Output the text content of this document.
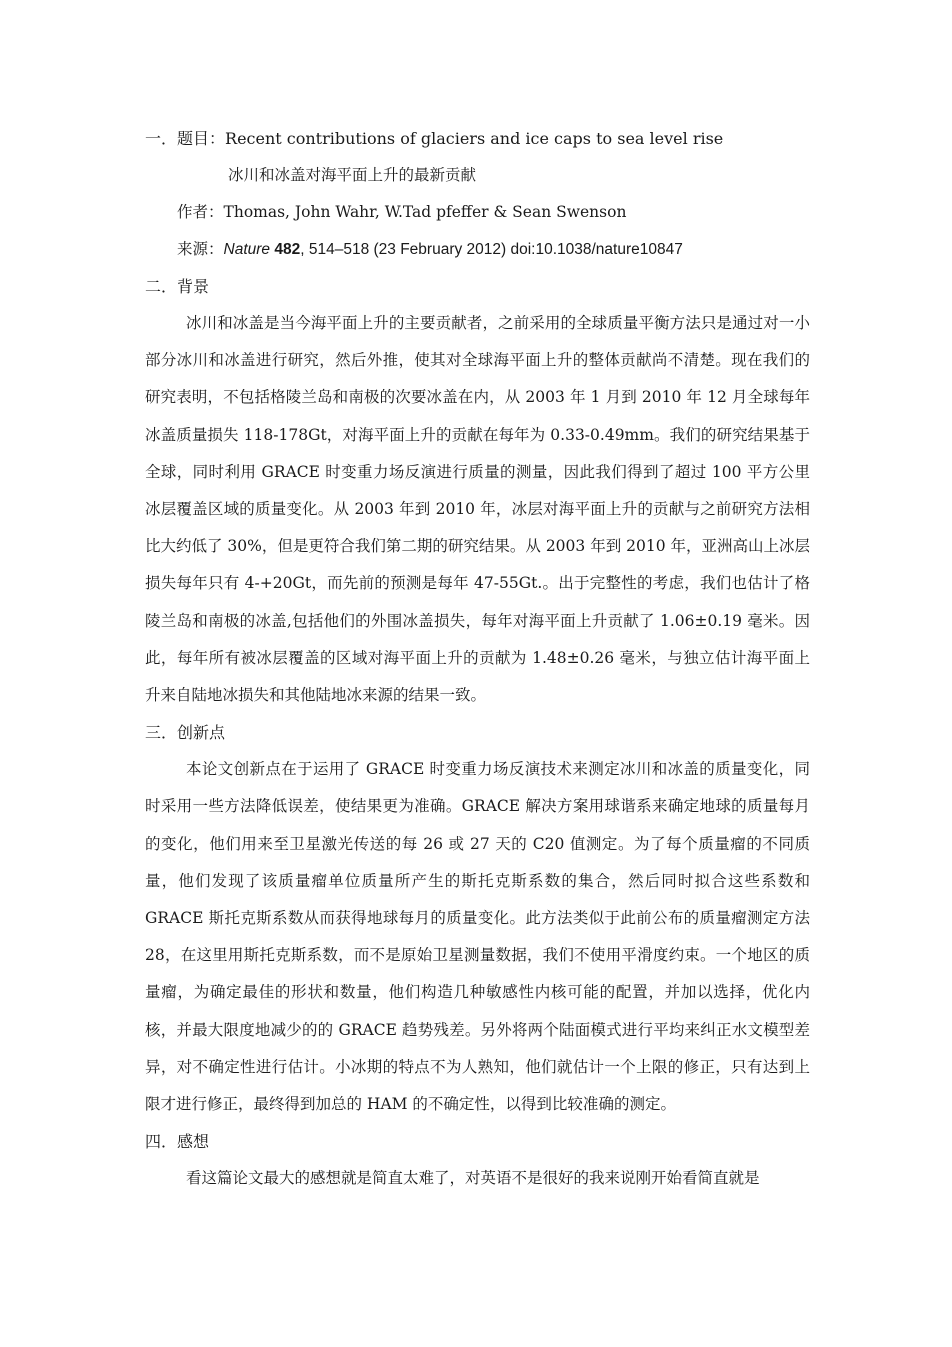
一．题目：Recent contributions of glaciers and ice caps to sea level rise
冰川和冰盖对海平面上升的最新贡献
作者：Thomas, John Wahr, W.Tad pfeffer & Sean Swenson
来源：Nature 482, 514–518 (23 February 2012) doi:10.1038/nature10847
二．背景

冰川和冰盖是当今海平面上升的主要贡献者，之前采用的全球质量平衡方法只是通过对一小部分冰川和冰盖进行研究，然后外推，使其对全球海平面上升的整体贡献尚不清楚。现在我们的研究表明，不包括格陵兰岛和南极的次要冰盖在内，从 2003 年 1 月到 2010 年 12 月全球每年冰盖质量损失 118-178Gt，对海平面上升的贡献在每年为 0.33-0.49mm。我们的研究结果基于全球，同时利用 GRACE 时变重力场反演进行质量的测量，因此我们得到了超过 100 平方公里冰层覆盖区域的质量变化。从 2003 年到 2010 年，冰层对海平面上升的贡献与之前研究方法相比大约低了 30%，但是更符合我们第二期的研究结果。从 2003 年到 2010 年，亚洲高山上冰层损失每年只有 4-+20Gt，而先前的预测是每年 47-55Gt.。出于完整性的考虑，我们也估计了格陵兰岛和南极的冰盖,包括他们的外围冰盖损失，每年对海平面上升贡献了 1.06±0.19 毫米。因此，每年所有被冰层覆盖的区域对海平面上升的贡献为 1.48±0.26 毫米，与独立估计海平面上升来自陆地冰损失和其他陆地冰来源的结果一致。

三．创新点

本论文创新点在于运用了 GRACE 时变重力场反演技术来测定冰川和冰盖的质量变化，同时采用一些方法降低误差，使结果更为准确。GRACE 解决方案用球谐系来确定地球的质量每月的变化，他们用来至卫星激光传送的每 26 或 27 天的 C20 值测定。为了每个质量瘤的不同质量，他们发现了该质量瘤单位质量所产生的斯托克斯系数的集合，然后同时拟合这些系数和 GRACE 斯托克斯系数从而获得地球每月的质量变化。此方法类似于此前公布的质量瘤测定方法 28，在这里用斯托克斯系数，而不是原始卫星测量数据，我们不使用平滑度约束。一个地区的质量瘤，为确定最佳的形状和数量，他们构造几种敏感性内核可能的配置，并加以选择，优化内核，并最大限度地减少的的 GRACE 趋势残差。另外将两个陆面模式进行平均来纠正水文模型差异，对不确定性进行估计。小冰期的特点不为人熟知，他们就估计一个上限的修正，只有达到上限才进行修正，最终得到加总的 HAM 的不确定性，以得到比较准确的测定。

四．感想

看这篇论文最大的感想就是简直太难了，对英语不是很好的我来说刚开始看简直就是
